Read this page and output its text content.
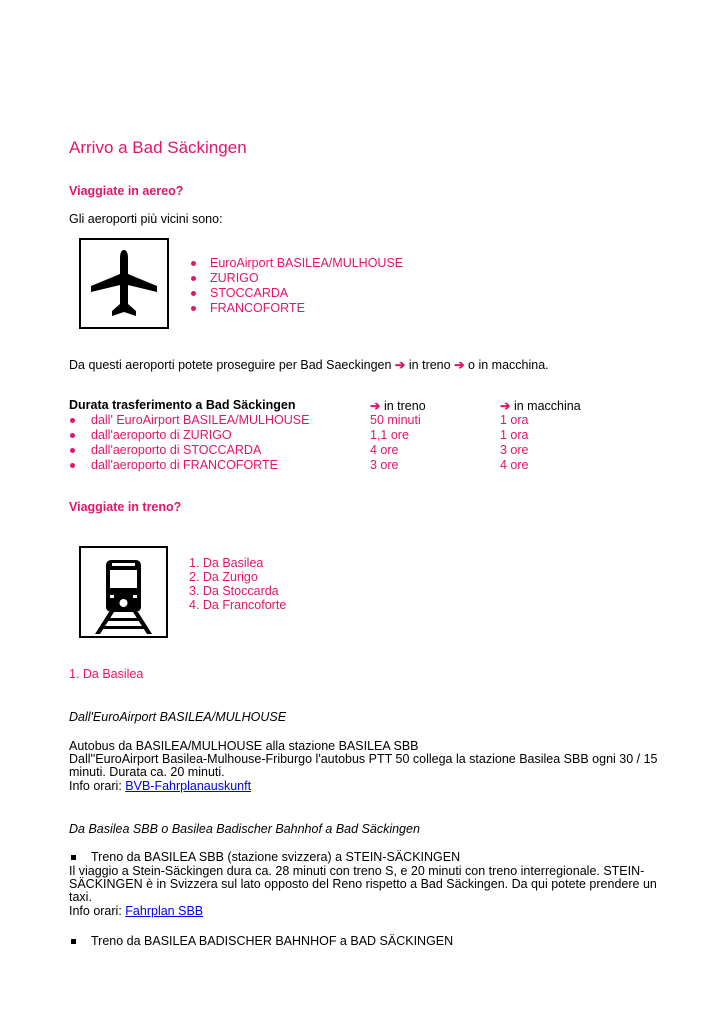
Arrivo a Bad Säckingen
Viaggiate in aereo?
Gli aeroporti più vicini sono:
EuroAirport BASILEA/MULHOUSE
ZURIGO
STOCCARDA
FRANCOFORTE
Da questi aeroporti potete proseguire per Bad Saeckingen ➔ in treno ➔ o in macchina.
Durata trasferimento a Bad Säckingen	➔ in treno	➔ in macchina
dall' EuroAirport BASILEA/MULHOUSE	50 minuti	1 ora
dall'aeroporto di ZURIGO	1,1 ore	1 ora
dall'aeroporto di STOCCARDA	4 ore	3 ore
dall'aeroporto di FRANCOFORTE	3 ore	4 ore
Viaggiate in treno?
1. Da Basilea
2. Da Zurigo
3. Da Stoccarda
4. Da Francoforte
1. Da Basilea
Dall'EuroAirport BASILEA/MULHOUSE
Autobus da BASILEA/MULHOUSE alla stazione BASILEA SBB
Dall''EuroAirport Basilea-Mulhouse-Friburgo l'autobus PTT 50 collega la stazione Basilea SBB ogni 30 / 15
minuti. Durata ca. 20 minuti.
Info orari: BVB-Fahrplanauskunft
Da Basilea SBB o Basilea Badischer Bahnhof a Bad Säckingen
Treno da BASILEA SBB (stazione svizzera) a STEIN-SÄCKINGEN
Il viaggio a Stein-Säckingen dura ca. 28 minuti con treno S, e 20 minuti con treno interregionale. STEIN-
SÄCKINGEN è in Svizzera sul lato opposto del Reno rispetto a Bad Säckingen. Da qui potete prendere un
taxi.
Info orari: Fahrplan SBB
Treno da BASILEA BADISCHER BAHNHOF a BAD SÄCKINGEN
